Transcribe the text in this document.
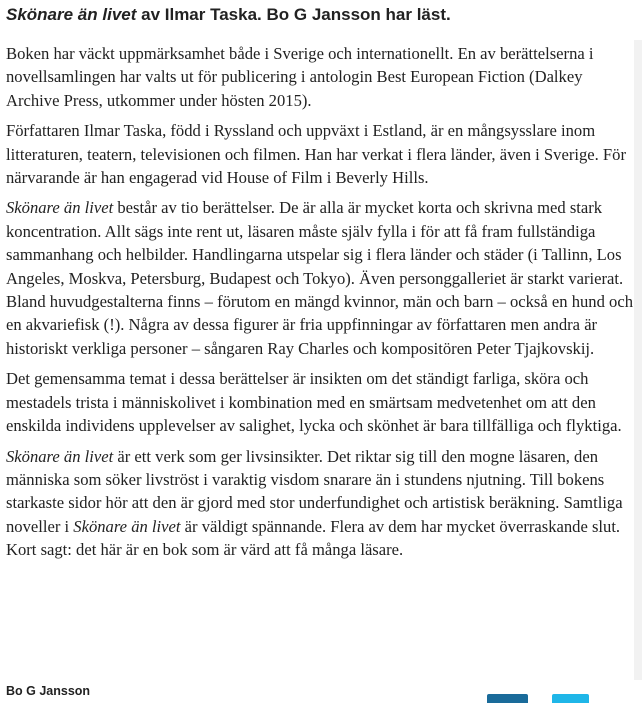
Skönare än livet av Ilmar Taska. Bo G Jansson har läst.

Boken har väckt uppmärksamhet både i Sverige och internationellt. En av berättelserna i novellsamlingen har valts ut för publicering i antologin Best European Fiction (Dalkey Archive Press, utkommer under hösten 2015).

Författaren Ilmar Taska, född i Ryssland och uppväxt i Estland, är en mångsysslare inom litteraturen, teatern, televisionen och filmen. Han har verkat i flera länder, även i Sverige. För närvarande är han engagerad vid House of Film i Beverly Hills.

Skönare än livet består av tio berättelser. De är alla är mycket korta och skrivna med stark koncentration. Allt sägs inte rent ut, läsaren måste själv fylla i för att få fram fullständiga sammanhang och helbilder. Handlingarna utspelar sig i flera länder och städer (i Tallinn, Los Angeles, Moskva, Petersburg, Budapest och Tokyo). Även personggalleriet är starkt varierat. Bland huvudgestalterna finns – förutom en mängd kvinnor, män och barn – också en hund och en akvariefisk (!). Några av dessa figurer är fria uppfinningar av författaren men andra är historiskt verkliga personer – sångaren Ray Charles och kompositören Peter Tjajkovskij.

Det gemensamma temat i dessa berättelser är insikten om det ständigt farliga, sköra och mestadels trista i människolivet i kombination med en smärtsam medvetenhet om att den enskilda individens upplevelser av salighet, lycka och skönhet är bara tillfälliga och flyktiga.

Skönare än livet är ett verk som ger livsinsikter. Det riktar sig till den mogne läsaren, den människa som söker livströst i varaktig visdom snarare än i stundens njutning. Till bokens starkaste sidor hör att den är gjord med stor underfundighet och artistisk beräkning. Samtliga noveller i Skönare än livet är väldigt spännande. Flera av dem har mycket överraskande slut. Kort sagt: det här är en bok som är värd att få många läsare.

Bo G Jansson
